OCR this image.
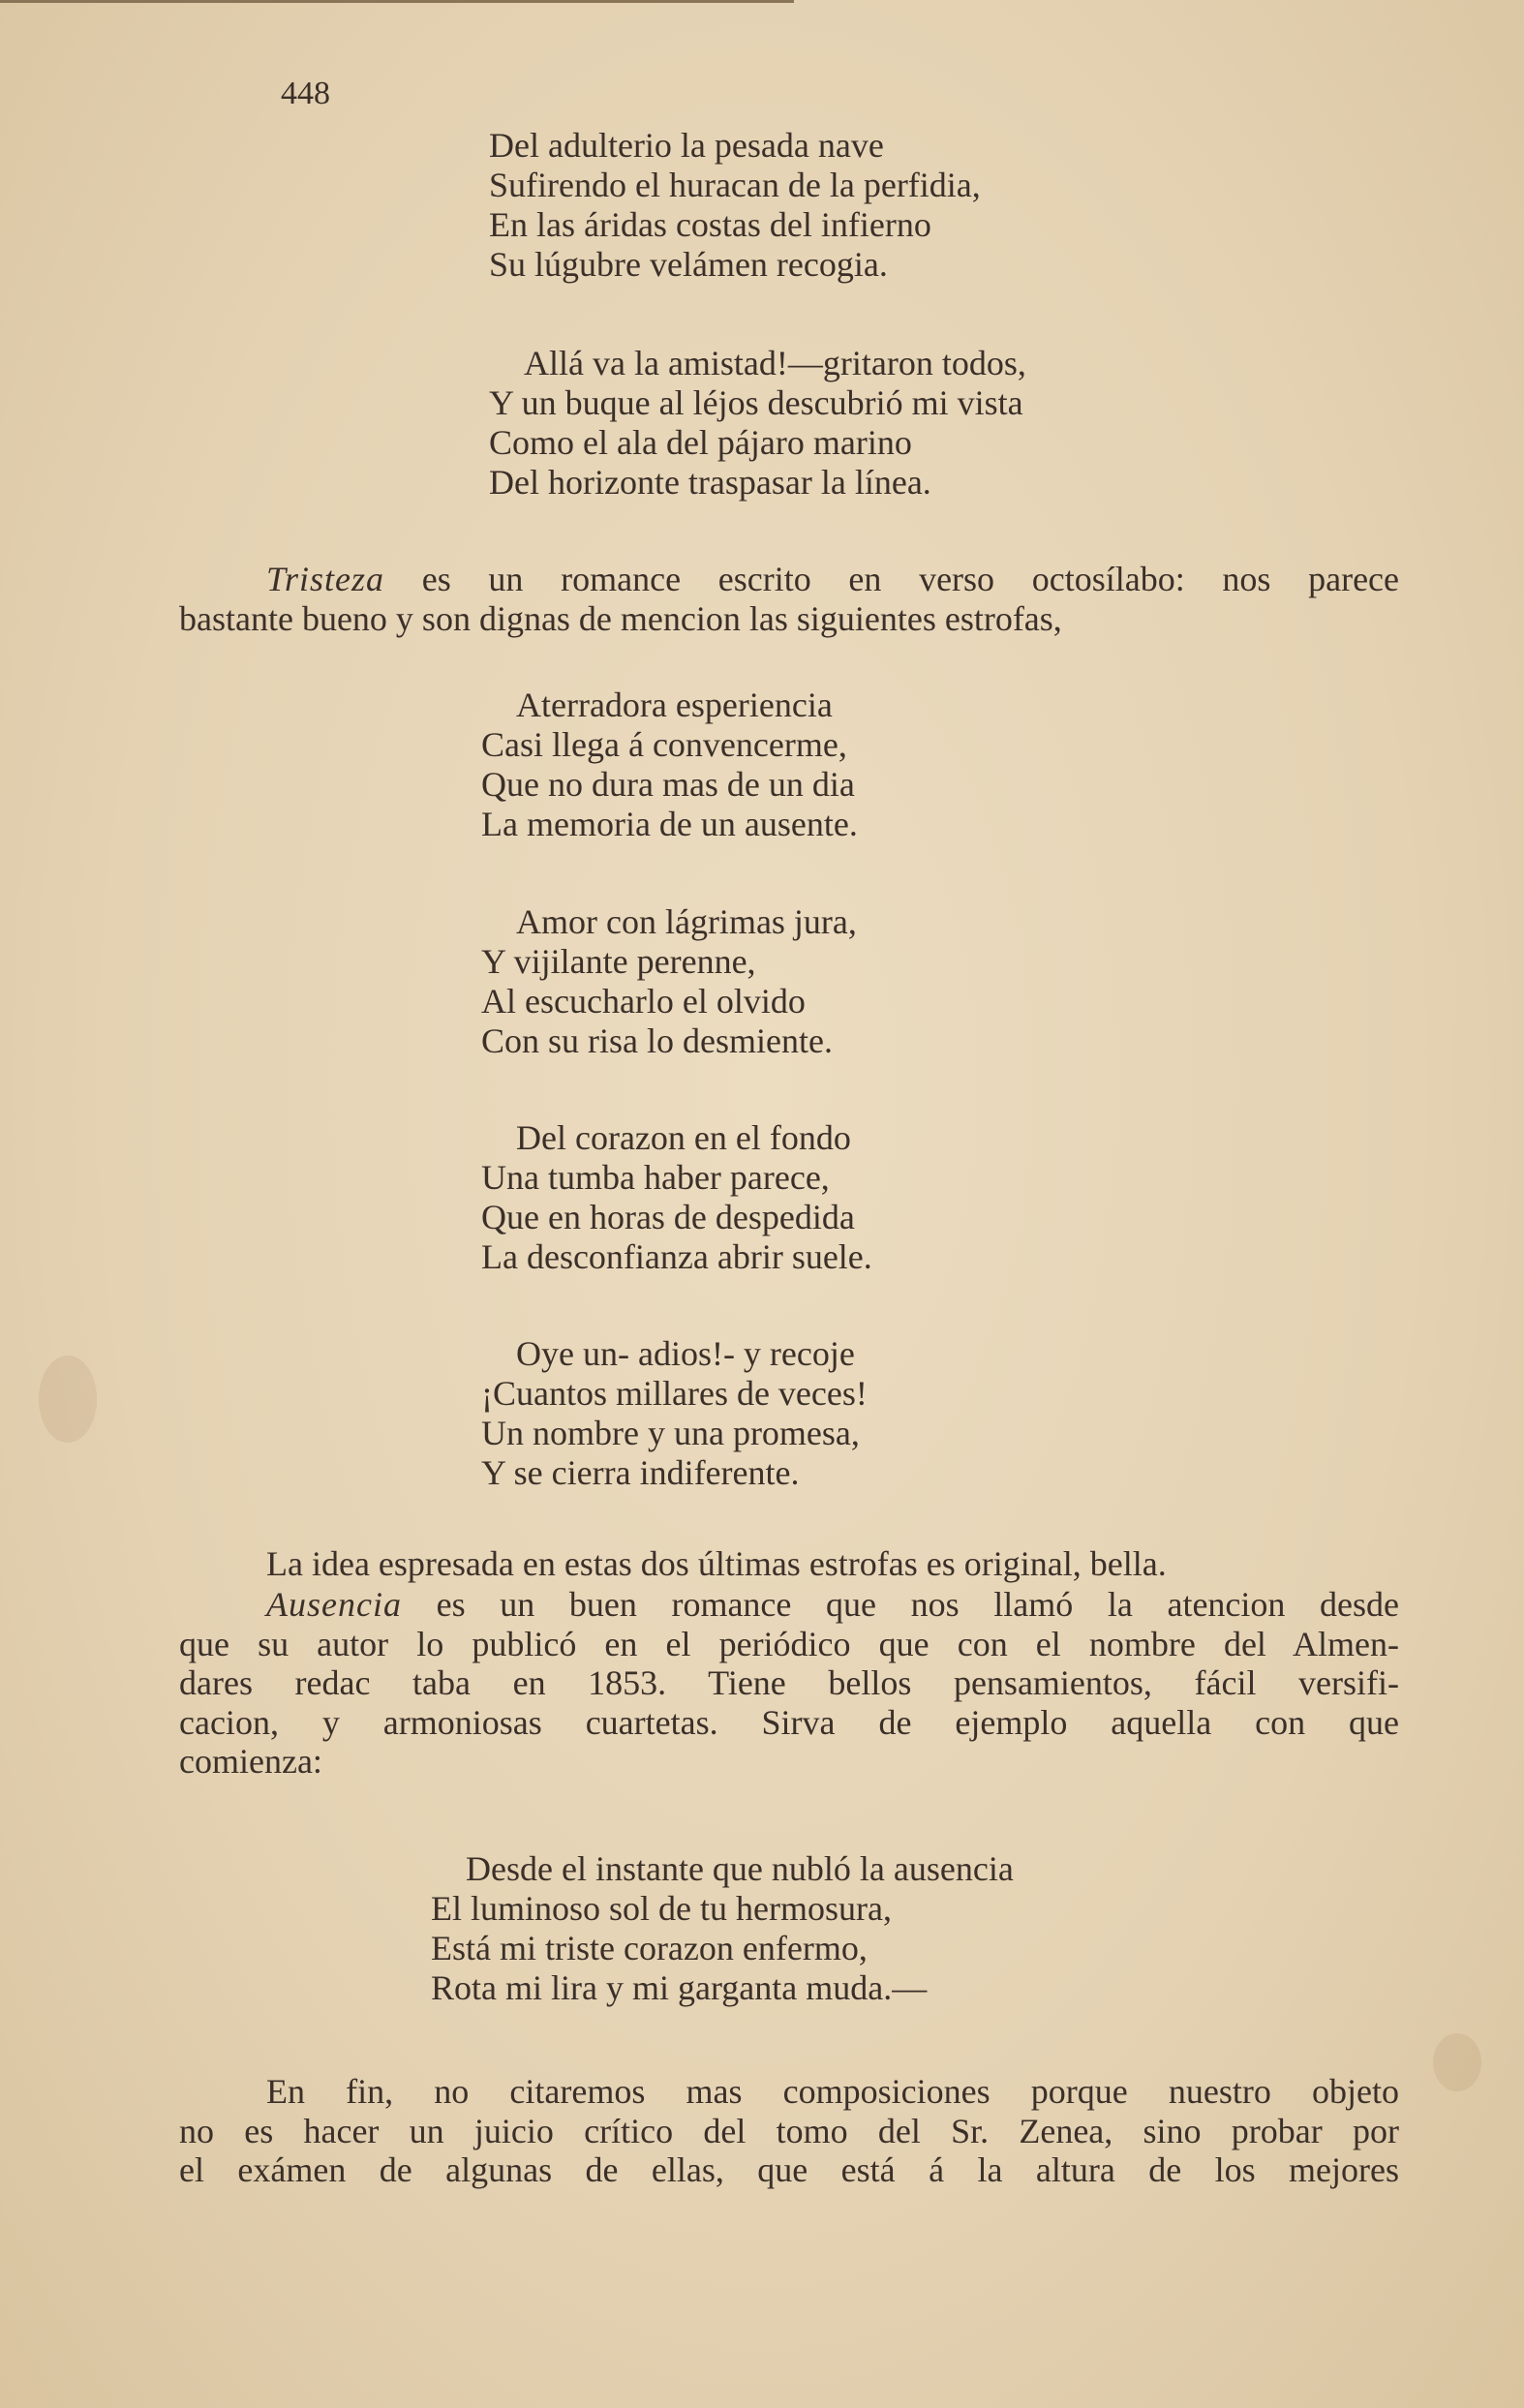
448
Del adulterio la pesada nave
Sufirendo el huracan de la perfidia,
En las áridas costas del infierno
Su lúgubre velámen recogia.
Allá va la amistad!—gritaron todos,
Y un buque al léjos descubrió mi vista
Como el ala del pájaro marino
Del horizonte traspasar la línea.

Tristeza es un romance escrito en verso octosílabo: nos parece

bastante bueno y son dignas de mencion las siguientes estrofas,

Aterradora esperiencia
Casi llega á convencerme,
Que no dura mas de un dia
La memoria de un ausente.
Amor con lágrimas jura,
Y vijilante perenne,
Al escucharlo el olvido
Con su risa lo desmiente.
Del corazon en el fondo
Una tumba haber parece,
Que en horas de despedida
La desconfianza abrir suele.
Oye un- adios!- y recoje
¡Cuantos millares de veces!
Un nombre y una promesa,
Y se cierra indiferente.

La idea espresada en estas dos últimas estrofas es original, bella.

Ausencia es un buen romance que nos llamó la atencion desde

que su autor lo publicó en el periódico que con el nombre del Almen-

dares redac taba en 1853. Tiene bellos pensamientos, fácil versifi-

cacion, y armoniosas cuartetas. Sirva de ejemplo aquella con que

comienza:

Desde el instante que nubló la ausencia
El luminoso sol de tu hermosura,
Está mi triste corazon enfermo,
Rota mi lira y mi garganta muda.—

En fin, no citaremos mas composiciones porque nuestro objeto

no es hacer un juicio crítico del tomo del Sr. Zenea, sino probar por

el exámen de algunas de ellas, que está á la altura de los mejores
